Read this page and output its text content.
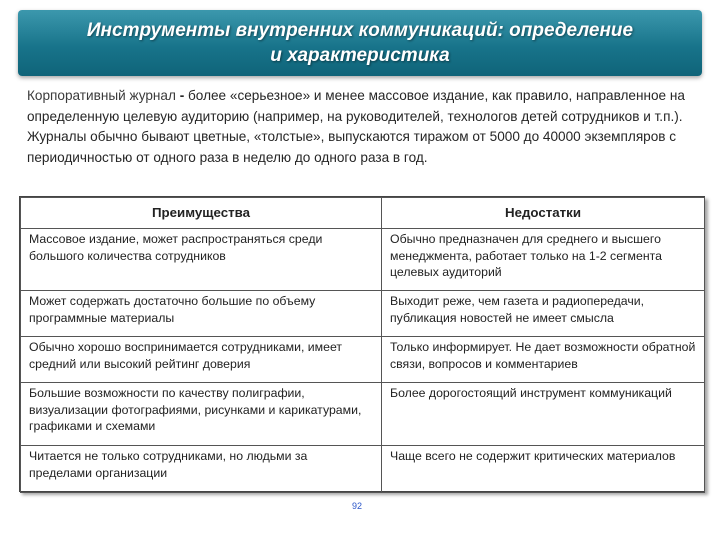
Инструменты внутренних коммуникаций: определение
и характеристика
Корпоративный журнал - более «серьезное» и менее массовое издание, как правило, направленное на определенную целевую аудиторию (например, на руководителей, технологов детей сотрудников и т.п.). Журналы обычно бывают цветные, «толстые», выпускаются тиражом от 5000 до 40000 экземпляров с периодичностью от одного раза в неделю до одного раза в год.
Преимущества	Недостатки
Массовое издание, может распространяться среди большого количества сотрудников	Обычно предназначен для среднего и высшего менеджмента, работает только на 1-2 сегмента целевых аудиторий
Может содержать достаточно большие по объему программные материалы	Выходит реже, чем газета и радиопередачи, публикация новостей не имеет смысла
Обычно хорошо воспринимается сотрудниками, имеет средний или высокий рейтинг доверия	Только информирует. Не дает возможности обратной связи, вопросов и комментариев
Большие возможности по качеству полиграфии, визуализации фотографиями, рисунками и карикатурами, графиками и схемами	Более дорогостоящий инструмент коммуникаций
Читается не только сотрудниками, но людьми за пределами организации	Чаще всего не содержит критических материалов
92
